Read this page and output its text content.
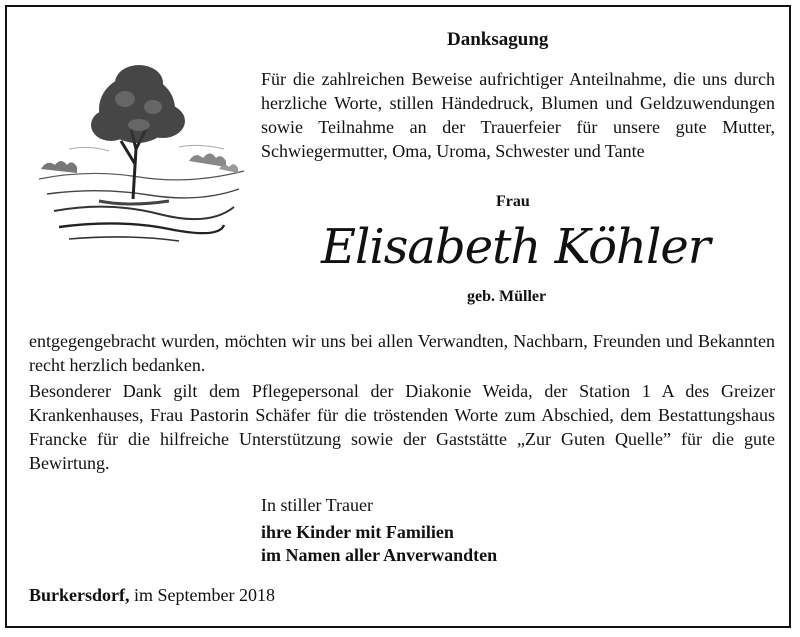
Danksagung

Für die zahlreichen Beweise aufrichtiger Anteilnahme, die uns durch herzliche Worte, stillen Händedruck, Blumen und Geldzuwendungen sowie Teilnahme an der Trauerfeier für unsere gute Mutter, Schwiegermutter, Oma, Uroma, Schwester und Tante

Frau
Elisabeth Köhler
geb. Müller

entgegengebracht wurden, möchten wir uns bei allen Verwandten, Nachbarn, Freunden und Bekannten recht herzlich bedanken.

Besonderer Dank gilt dem Pflegepersonal der Diakonie Weida, der Station 1 A des Greizer Krankenhauses, Frau Pastorin Schäfer für die tröstenden Worte zum Abschied, dem Bestattungshaus Francke für die hilfreiche Unterstützung sowie der Gaststätte „Zur Guten Quelle” für die gute Bewirtung.

In stiller Trauer
ihre Kinder mit Familien
im Namen aller Anverwandten
Burkersdorf, im September 2018
